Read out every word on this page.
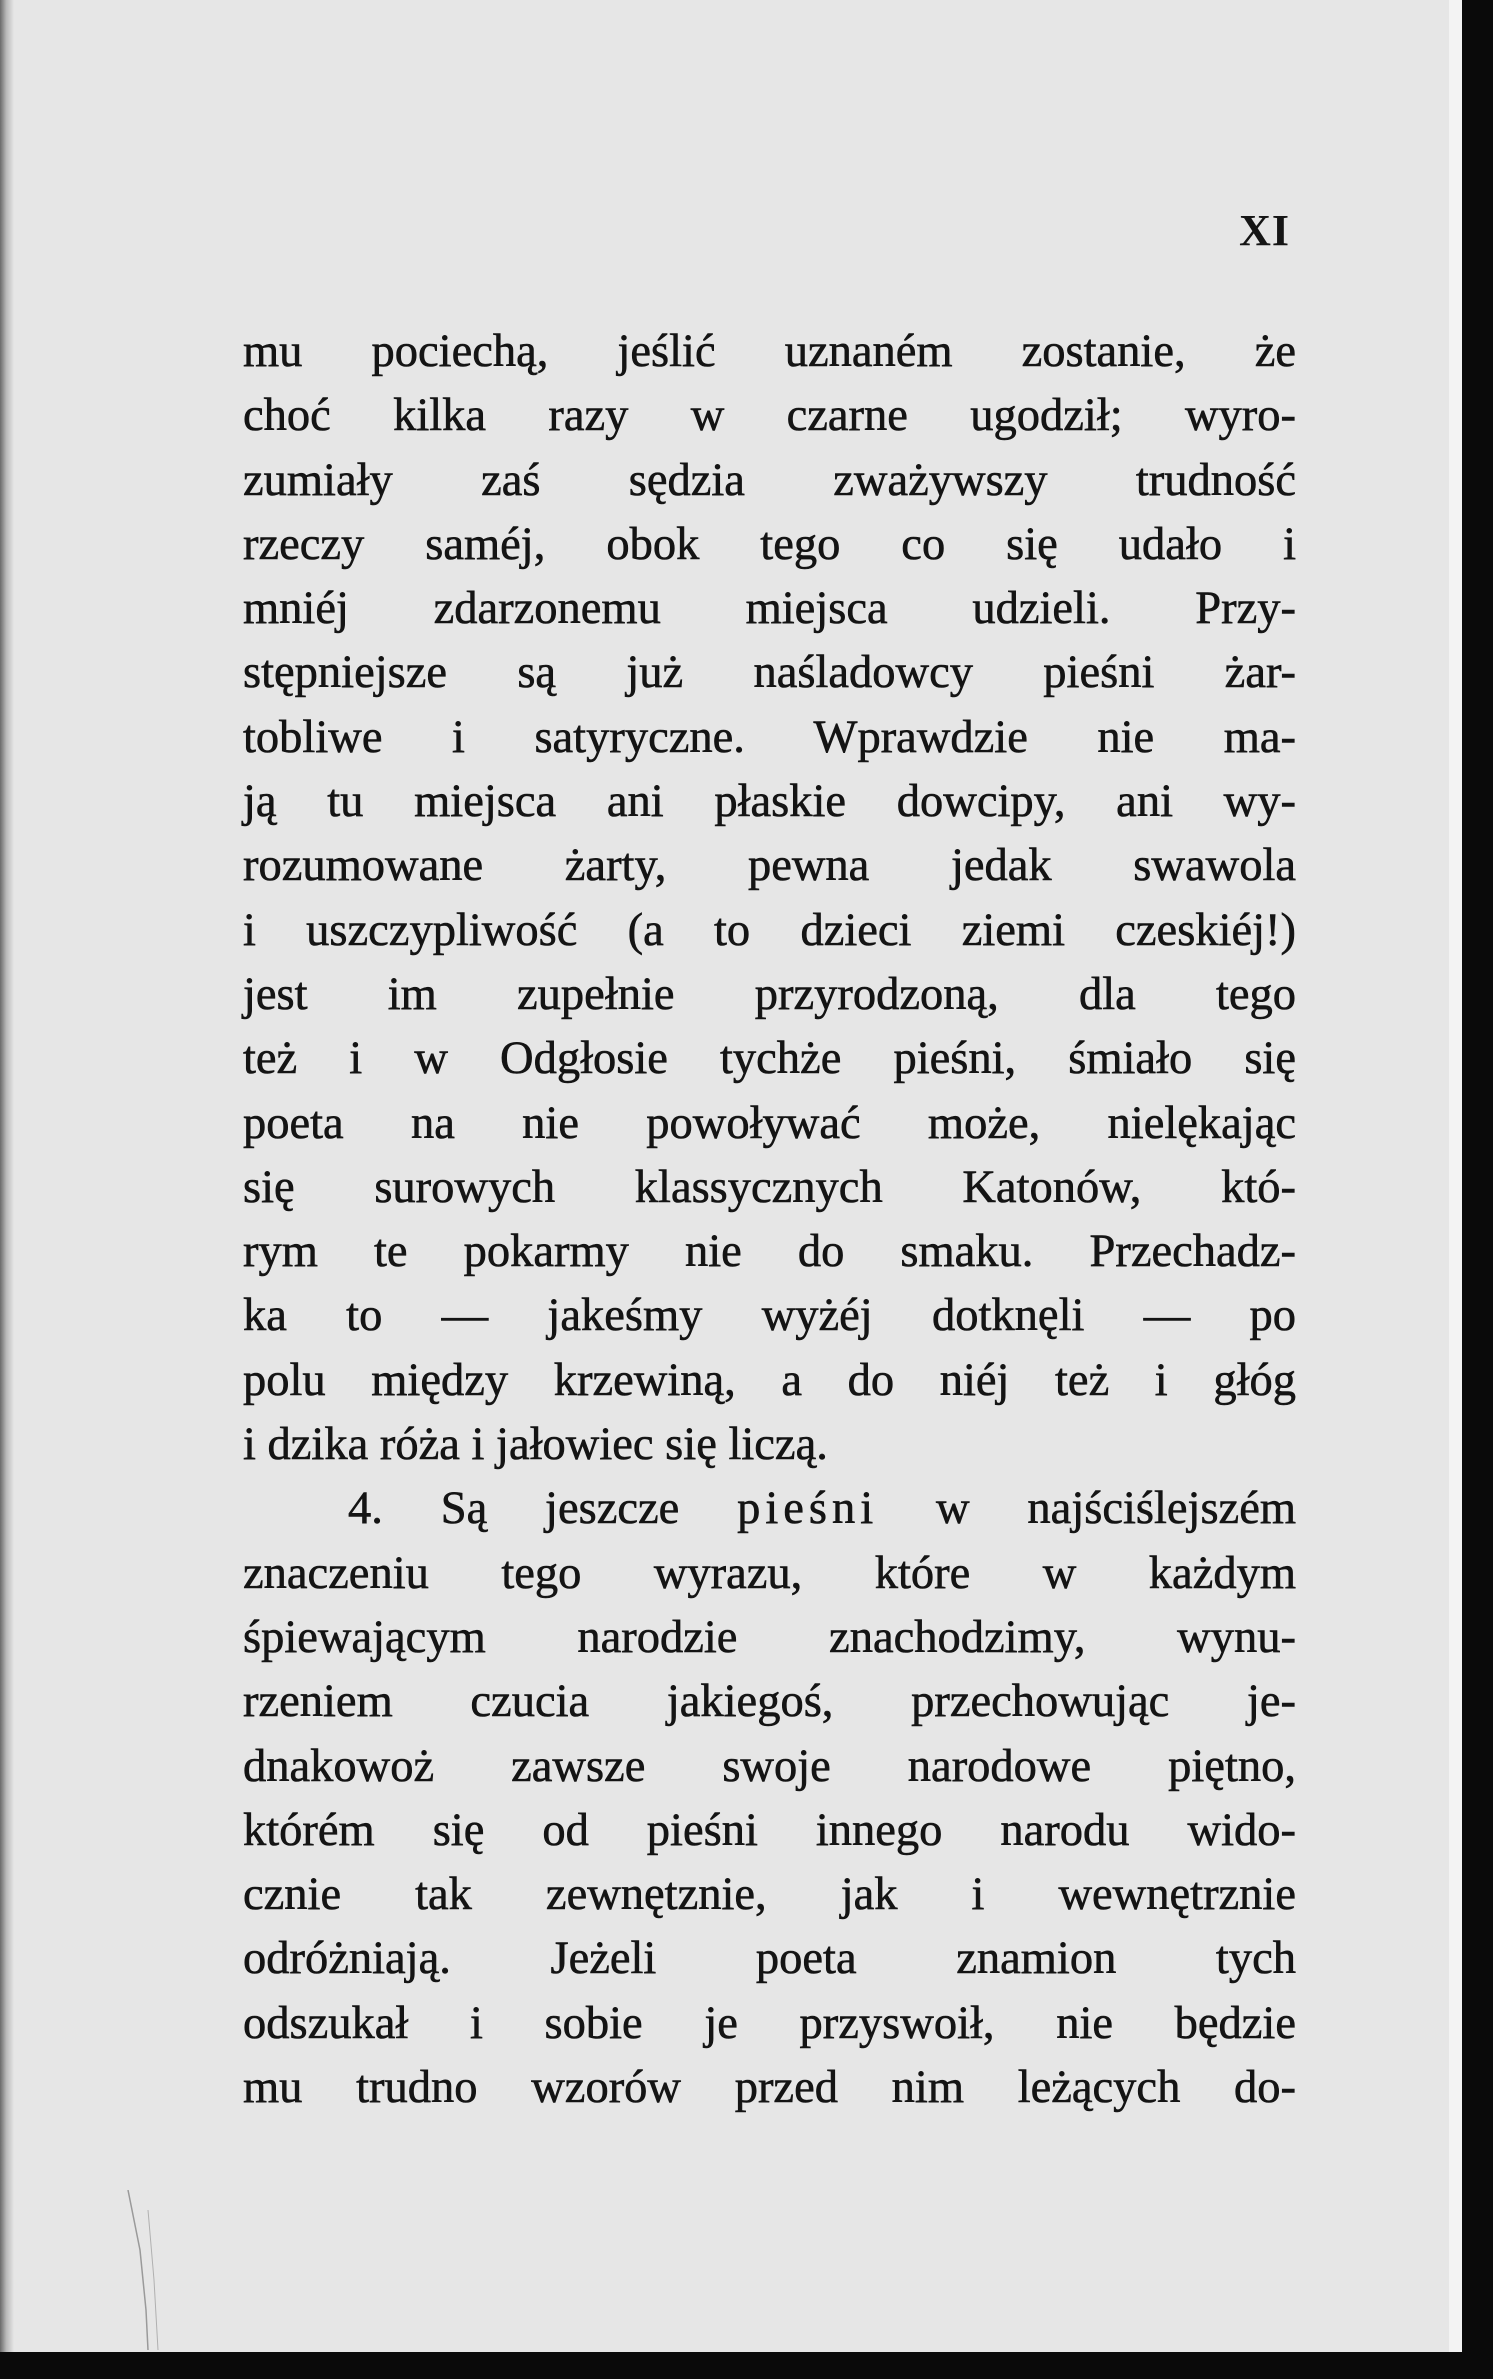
XI
mu pociechą, jeślić uznaném zostanie, że
choć kilka razy w czarne ugodził; wyro-
zumiały zaś sędzia zważywszy trudność
rzeczy saméj, obok tego co się udało i
mniéj zdarzonemu miejsca udzieli. Przy-
stępniejsze są już naśladowcy pieśni żar-
tobliwe i satyryczne. Wprawdzie nie ma-
ją tu miejsca ani płaskie dowcipy, ani wy-
rozumowane żarty, pewna jedak swawola
i uszczypliwość (a to dzieci ziemi czeskiéj!)
jest im zupełnie przyrodzoną, dla tego
też i w Odgłosie tychże pieśni, śmiało się
poeta na nie powoływać może, nielękając
się surowych klassycznych Katonów, któ-
rym te pokarmy nie do smaku. Przechadz-
ka to — jakeśmy wyżéj dotknęli — po
polu między krzewiną, a do niéj też i głóg
i dzika róża i jałowiec się liczą.
4. Są jeszcze pieśni w najściślejszém
znaczeniu tego wyrazu, które w każdym
śpiewającym narodzie znachodzimy, wynu-
rzeniem czucia jakiegoś, przechowując je-
dnakowoż zawsze swoje narodowe piętno,
którém się od pieśni innego narodu wido-
cznie tak zewnętznie, jak i wewnętrznie
odróżniają. Jeżeli poeta znamion tych
odszukał i sobie je przyswoił, nie będzie
mu trudno wzorów przed nim leżących do-
